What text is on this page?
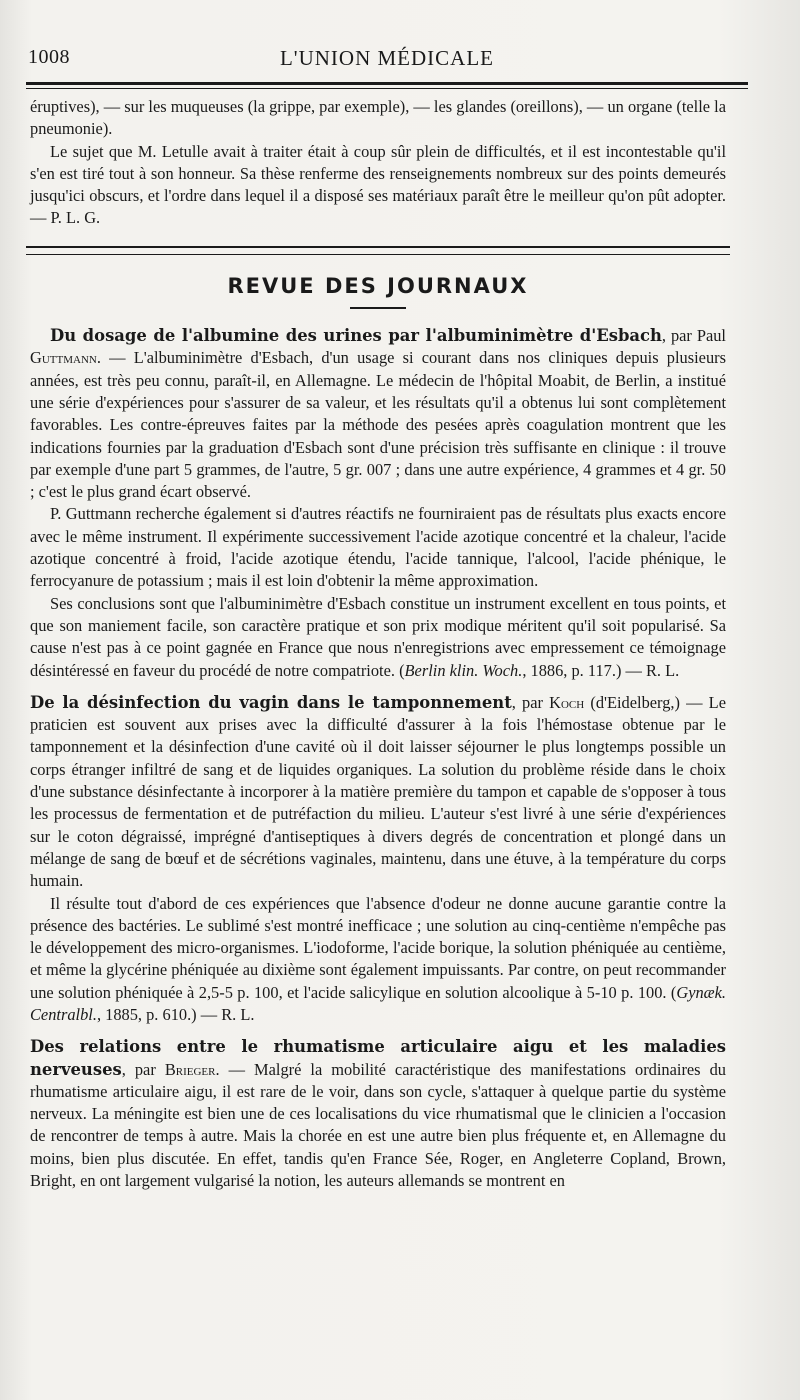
1008	L'UNION MÉDICALE

éruptives), — sur les muqueuses (la grippe, par exemple), — les glandes (oreillons), — un organe (telle la pneumonie).

Le sujet que M. Letulle avait à traiter était à coup sûr plein de difficultés, et il est incontestable qu'il s'en est tiré tout à son honneur. Sa thèse renferme des renseignements nombreux sur des points demeurés jusqu'ici obscurs, et l'ordre dans lequel il a disposé ses matériaux paraît être le meilleur qu'on pût adopter. — P. L. G.

REVUE DES JOURNAUX

Du dosage de l'albumine des urines par l'albuminimètre d'Esbach, par Paul Guttmann. — L'albuminimètre d'Esbach, d'un usage si courant dans nos cliniques depuis plusieurs années, est très peu connu, paraît-il, en Allemagne. Le médecin de l'hôpital Moabit, de Berlin, a institué une série d'expériences pour s'assurer de sa valeur, et les résultats qu'il a obtenus lui sont complètement favorables. Les contre-épreuves faites par la méthode des pesées après coagulation montrent que les indications fournies par la graduation d'Esbach sont d'une précision très suffisante en clinique : il trouve par exemple d'une part 5 grammes, de l'autre, 5 gr. 007 ; dans une autre expérience, 4 grammes et 4 gr. 50 ; c'est le plus grand écart observé.

P. Guttmann recherche également si d'autres réactifs ne fourniraient pas de résultats plus exacts encore avec le même instrument. Il expérimente successivement l'acide azotique concentré et la chaleur, l'acide azotique concentré à froid, l'acide azotique étendu, l'acide tannique, l'alcool, l'acide phénique, le ferrocyanure de potassium ; mais il est loin d'obtenir la même approximation.

Ses conclusions sont que l'albuminimètre d'Esbach constitue un instrument excellent en tous points, et que son maniement facile, son caractère pratique et son prix modique méritent qu'il soit popularisé. Sa cause n'est pas à ce point gagnée en France que nous n'enregistrions avec empressement ce témoignage désintéressé en faveur du procédé de notre compatriote. (Berlin klin. Woch., 1886, p. 117.) — R. L.

De la désinfection du vagin dans le tamponnement, par Koch (d'Eidelberg,) — Le praticien est souvent aux prises avec la difficulté d'assurer à la fois l'hémostase obtenue par le tamponnement et la désinfection d'une cavité où il doit laisser séjourner le plus longtemps possible un corps étranger infiltré de sang et de liquides organiques. La solution du problème réside dans le choix d'une substance désinfectante à incorporer à la matière première du tampon et capable de s'opposer à tous les processus de fermentation et de putréfaction du milieu. L'auteur s'est livré à une série d'expériences sur le coton dégraissé, imprégné d'antiseptiques à divers degrés de concentration et plongé dans un mélange de sang de bœuf et de sécrétions vaginales, maintenu, dans une étuve, à la température du corps humain.

Il résulte tout d'abord de ces expériences que l'absence d'odeur ne donne aucune garantie contre la présence des bactéries. Le sublimé s'est montré inefficace ; une solution au cinq-centième n'empêche pas le développement des micro-organismes. L'iodoforme, l'acide borique, la solution phéniquée au centième, et même la glycérine phéniquée au dixième sont également impuissants. Par contre, on peut recommander une solution phéniquée à 2,5-5 p. 100, et l'acide salicylique en solution alcoolique à 5-10 p. 100. (Gynæk. Centralbl., 1885, p. 610.) — R. L.

Des relations entre le rhumatisme articulaire aigu et les maladies nerveuses, par Brieger. — Malgré la mobilité caractéristique des manifestations ordinaires du rhumatisme articulaire aigu, il est rare de le voir, dans son cycle, s'attaquer à quelque partie du système nerveux. La méningite est bien une de ces localisations du vice rhumatismal que le clinicien a l'occasion de rencontrer de temps à autre. Mais la chorée en est une autre bien plus fréquente et, en Allemagne du moins, bien plus discutée. En effet, tandis qu'en France Sée, Roger, en Angleterre Copland, Brown, Bright, en ont largement vulgarisé la notion, les auteurs allemands se montrent en
